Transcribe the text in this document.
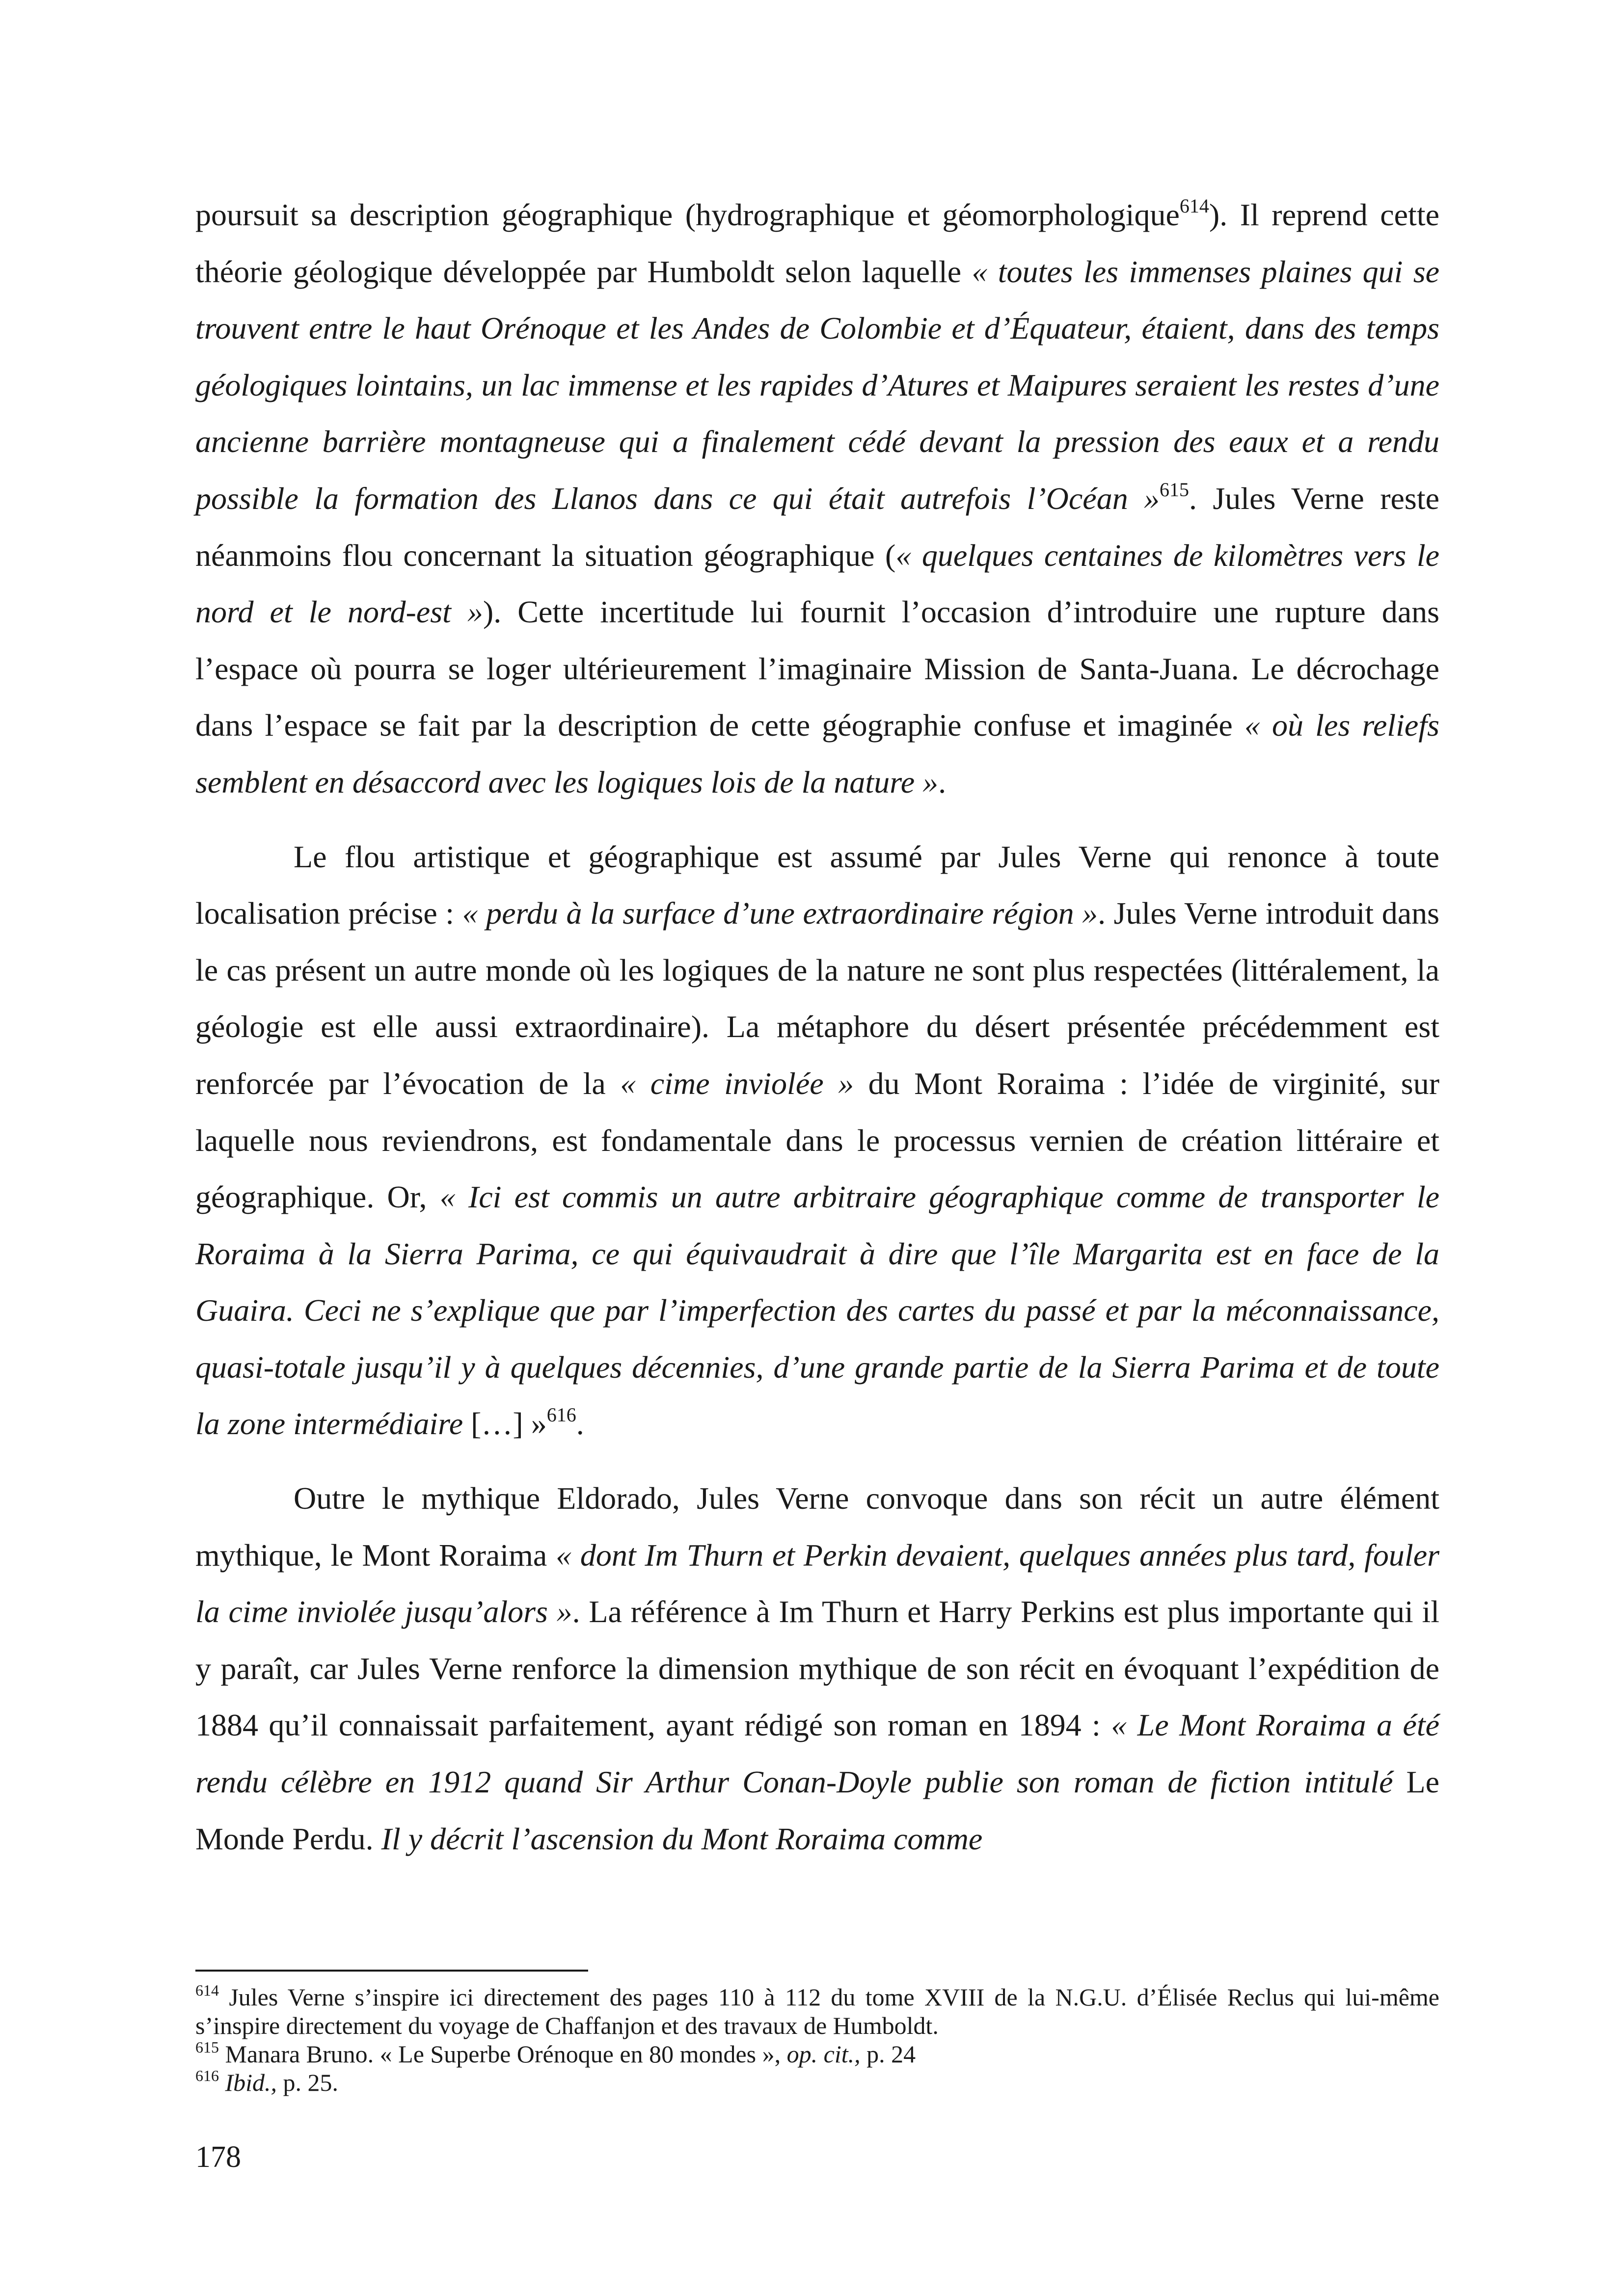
poursuit sa description géographique (hydrographique et géomorphologique$^{614}$). Il reprend cette théorie géologique développée par Humboldt selon laquelle « toutes les immenses plaines qui se trouvent entre le haut Orénoque et les Andes de Colombie et d’Équateur, étaient, dans des temps géologiques lointains, un lac immense et les rapides d’Atures et Maipures seraient les restes d’une ancienne barrière montagneuse qui a finalement cédé devant la pression des eaux et a rendu possible la formation des Llanos dans ce qui était autrefois l’Océan »$^{615}$. Jules Verne reste néanmoins flou concernant la situation géographique (« quelques centaines de kilomètres vers le nord et le nord-est »). Cette incertitude lui fournit l’occasion d’introduire une rupture dans l’espace où pourra se loger ultérieurement l’imaginaire Mission de Santa-Juana. Le décrochage dans l’espace se fait par la description de cette géographie confuse et imaginée « où les reliefs semblent en désaccord avec les logiques lois de la nature ».

Le flou artistique et géographique est assumé par Jules Verne qui renonce à toute localisation précise : « perdu à la surface d’une extraordinaire région ». Jules Verne introduit dans le cas présent un autre monde où les logiques de la nature ne sont plus respectées (littéralement, la géologie est elle aussi extraordinaire). La métaphore du désert présentée précédemment est renforcée par l’évocation de la « cime inviolée » du Mont Roraima : l’idée de virginité, sur laquelle nous reviendrons, est fondamentale dans le processus vernien de création littéraire et géographique. Or, « Ici est commis un autre arbitraire géographique comme de transporter le Roraima à la Sierra Parima, ce qui équivaudrait à dire que l’île Margarita est en face de la Guaira. Ceci ne s’explique que par l’imperfection des cartes du passé et par la méconnaissance, quasi-totale jusqu’il y à quelques décennies, d’une grande partie de la Sierra Parima et de toute la zone intermédiaire […] »$^{616}$.

Outre le mythique Eldorado, Jules Verne convoque dans son récit un autre élément mythique, le Mont Roraima « dont Im Thurn et Perkin devaient, quelques années plus tard, fouler la cime inviolée jusqu’alors ». La référence à Im Thurn et Harry Perkins est plus importante qui il y paraît, car Jules Verne renforce la dimension mythique de son récit en évoquant l’expédition de 1884 qu’il connaissait parfaitement, ayant rédigé son roman en 1894 : « Le Mont Roraima a été rendu célèbre en 1912 quand Sir Arthur Conan-Doyle publie son roman de fiction intitulé Le Monde Perdu. Il y décrit l’ascension du Mont Roraima comme

$^{614}$ Jules Verne s’inspire ici directement des pages 110 à 112 du tome XVIII de la N.G.U. d’Élisée Reclus qui lui-même s’inspire directement du voyage de Chaffanjon et des travaux de Humboldt.

$^{615}$ Manara Bruno. « Le Superbe Orénoque en 80 mondes », op. cit., p. 24

$^{616}$ Ibid., p. 25.

178
